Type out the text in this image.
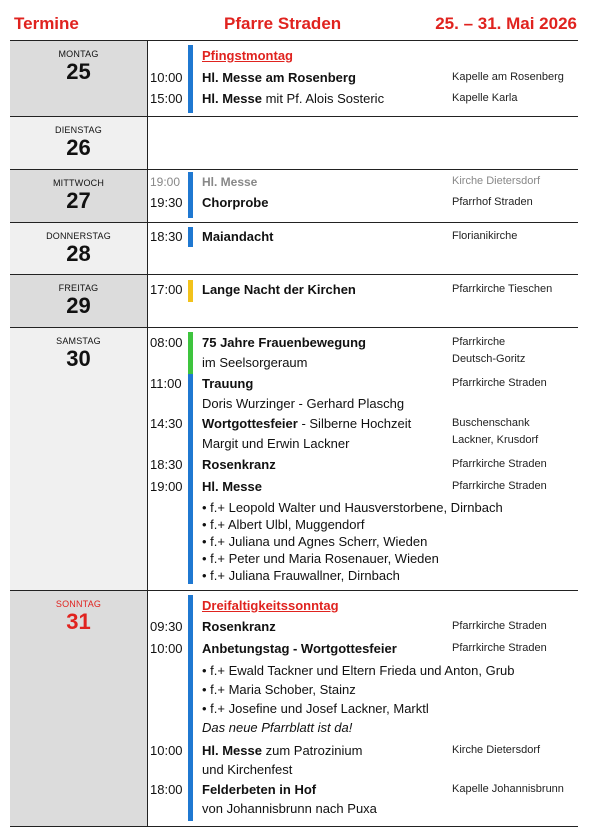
Termine	Pfarre Straden	25. – 31. Mai 2026
MONTAG
25
Pfingstmontag
10:00 Hl. Messe am Rosenberg	Kapelle am Rosenberg
15:00 Hl. Messe mit Pf. Alois Sosteric	Kapelle Karla
DIENSTAG
26
MITTWOCH
27
19:00	Hl. Messe	Kirche Dietersdorf
19:30 Chorprobe	Pfarrhof Straden
DONNERSTAG
28
18:30 Maiandacht	Florianikirche
FREITAG
29
17:00 Lange Nacht der Kirchen	Pfarrkirche Tieschen
SAMSTAG
30
08:00 75 Jahre Frauenbewegung	Pfarrkirche
im Seelsorgeraum	Deutsch-Goritz
11:00	Trauung	Pfarrkirche Straden
Doris Wurzinger - Gerhard Plaschg
14:30 Wortgottesfeier - Silberne Hochzeit	Buschenschank
Margit und Erwin Lackner	Lackner, Krusdorf
18:30 Rosenkranz	Pfarrkirche Straden
19:00 Hl. Messe	Pfarrkirche Straden
• f.+ Leopold Walter und Hausverstorbene, Dirnbach
• f.+ Albert Ulbl, Muggendorf
• f.+ Juliana und Agnes Scherr, Wieden
• f.+ Peter und Maria Rosenauer, Wieden
• f.+ Juliana Frauwallner, Dirnbach
SONNTAG
31
Dreifaltigkeitssonntag
09:30 Rosenkranz	Pfarrkirche Straden
10:00 Anbetungstag - Wortgottesfeier	Pfarrkirche Straden
• f.+ Ewald Tackner und Eltern Frieda und Anton, Grub
• f.+ Maria Schober, Stainz
• f.+ Josefine und Josef Lackner, Marktl
Das neue Pfarrblatt ist da!
10:00 Hl. Messe zum Patrozinium	Kirche Dietersdorf
und Kirchenfest
18:00 Felderbeten in Hof	Kapelle Johannisbrunn
von Johannisbrunn nach Puxa
